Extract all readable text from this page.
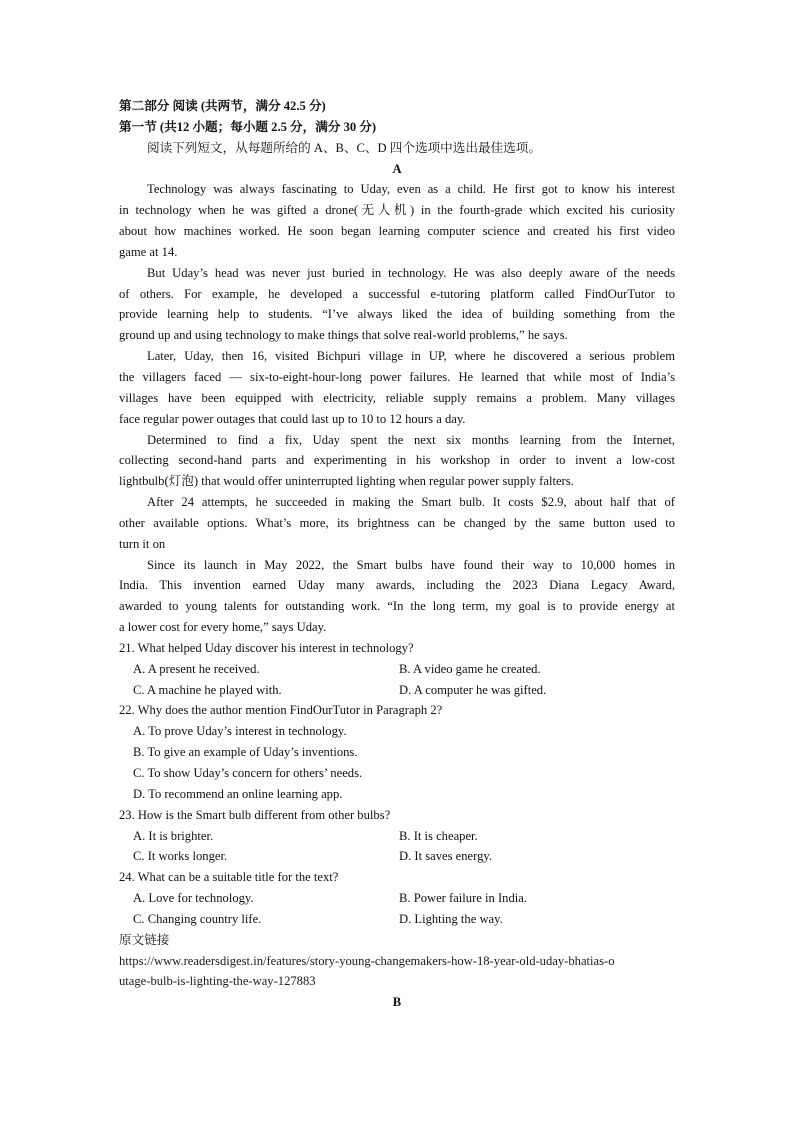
第二部分 阅读 (共两节，满分 42.5 分)
第一节 (共12 小题；每小题 2.5 分，满分 30 分)
阅读下列短文，从每题所给的 A、B、C、D 四个选项中选出最佳选项。
A
Technology was always fascinating to Uday, even as a child. He first got to know his interest
in technology when he was gifted a drone(无人机) in the fourth-grade which excited his curiosity
about how machines worked. He soon began learning computer science and created his first video
game at 14.
But Uday’s head was never just buried in technology. He was also deeply aware of the needs
of others. For example, he developed a successful e-tutoring platform called FindOurTutor to
provide learning help to students. “I’ve always liked the idea of building something from the
ground up and using technology to make things that solve real-world problems,” he says.
Later, Uday, then 16, visited Bichpuri village in UP, where he discovered a serious problem
the villagers faced — six-to-eight-hour-long power failures. He learned that while most of India’s
villages have been equipped with electricity, reliable supply remains a problem. Many villages
face regular power outages that could last up to 10 to 12 hours a day.
Determined to find a fix, Uday spent the next six months learning from the Internet,
collecting second-hand parts and experimenting in his workshop in order to invent a low-cost
lightbulb(灯泡) that would offer uninterrupted lighting when regular power supply falters.
After 24 attempts, he succeeded in making the Smart bulb. It costs $2.9, about half that of
other available options. What’s more, its brightness can be changed by the same button used to
turn it on
Since its launch in May 2022, the Smart bulbs have found their way to 10,000 homes in
India. This invention earned Uday many awards, including the 2023 Diana Legacy Award,
awarded to young talents for outstanding work. “In the long term, my goal is to provide energy at
a lower cost for every home,” says Uday.
21. What helped Uday discover his interest in technology?
A. A present he received.	B. A video game he created.
C. A machine he played with.	D. A computer he was gifted.
22. Why does the author mention FindOurTutor in Paragraph 2?
A. To prove Uday’s interest in technology.
B. To give an example of Uday’s inventions.
C. To show Uday’s concern for others’ needs.
D. To recommend an online learning app.
23. How is the Smart bulb different from other bulbs?
A. It is brighter.	B. It is cheaper.
C. It works longer.	D. It saves energy.
24. What can be a suitable title for the text?
A. Love for technology.	B. Power failure in India.
C. Changing country life.	D. Lighting the way.
原文链接
https://www.readersdigest.in/features/story-young-changemakers-how-18-year-old-uday-bhatias-o
utage-bulb-is-lighting-the-way-127883
B
